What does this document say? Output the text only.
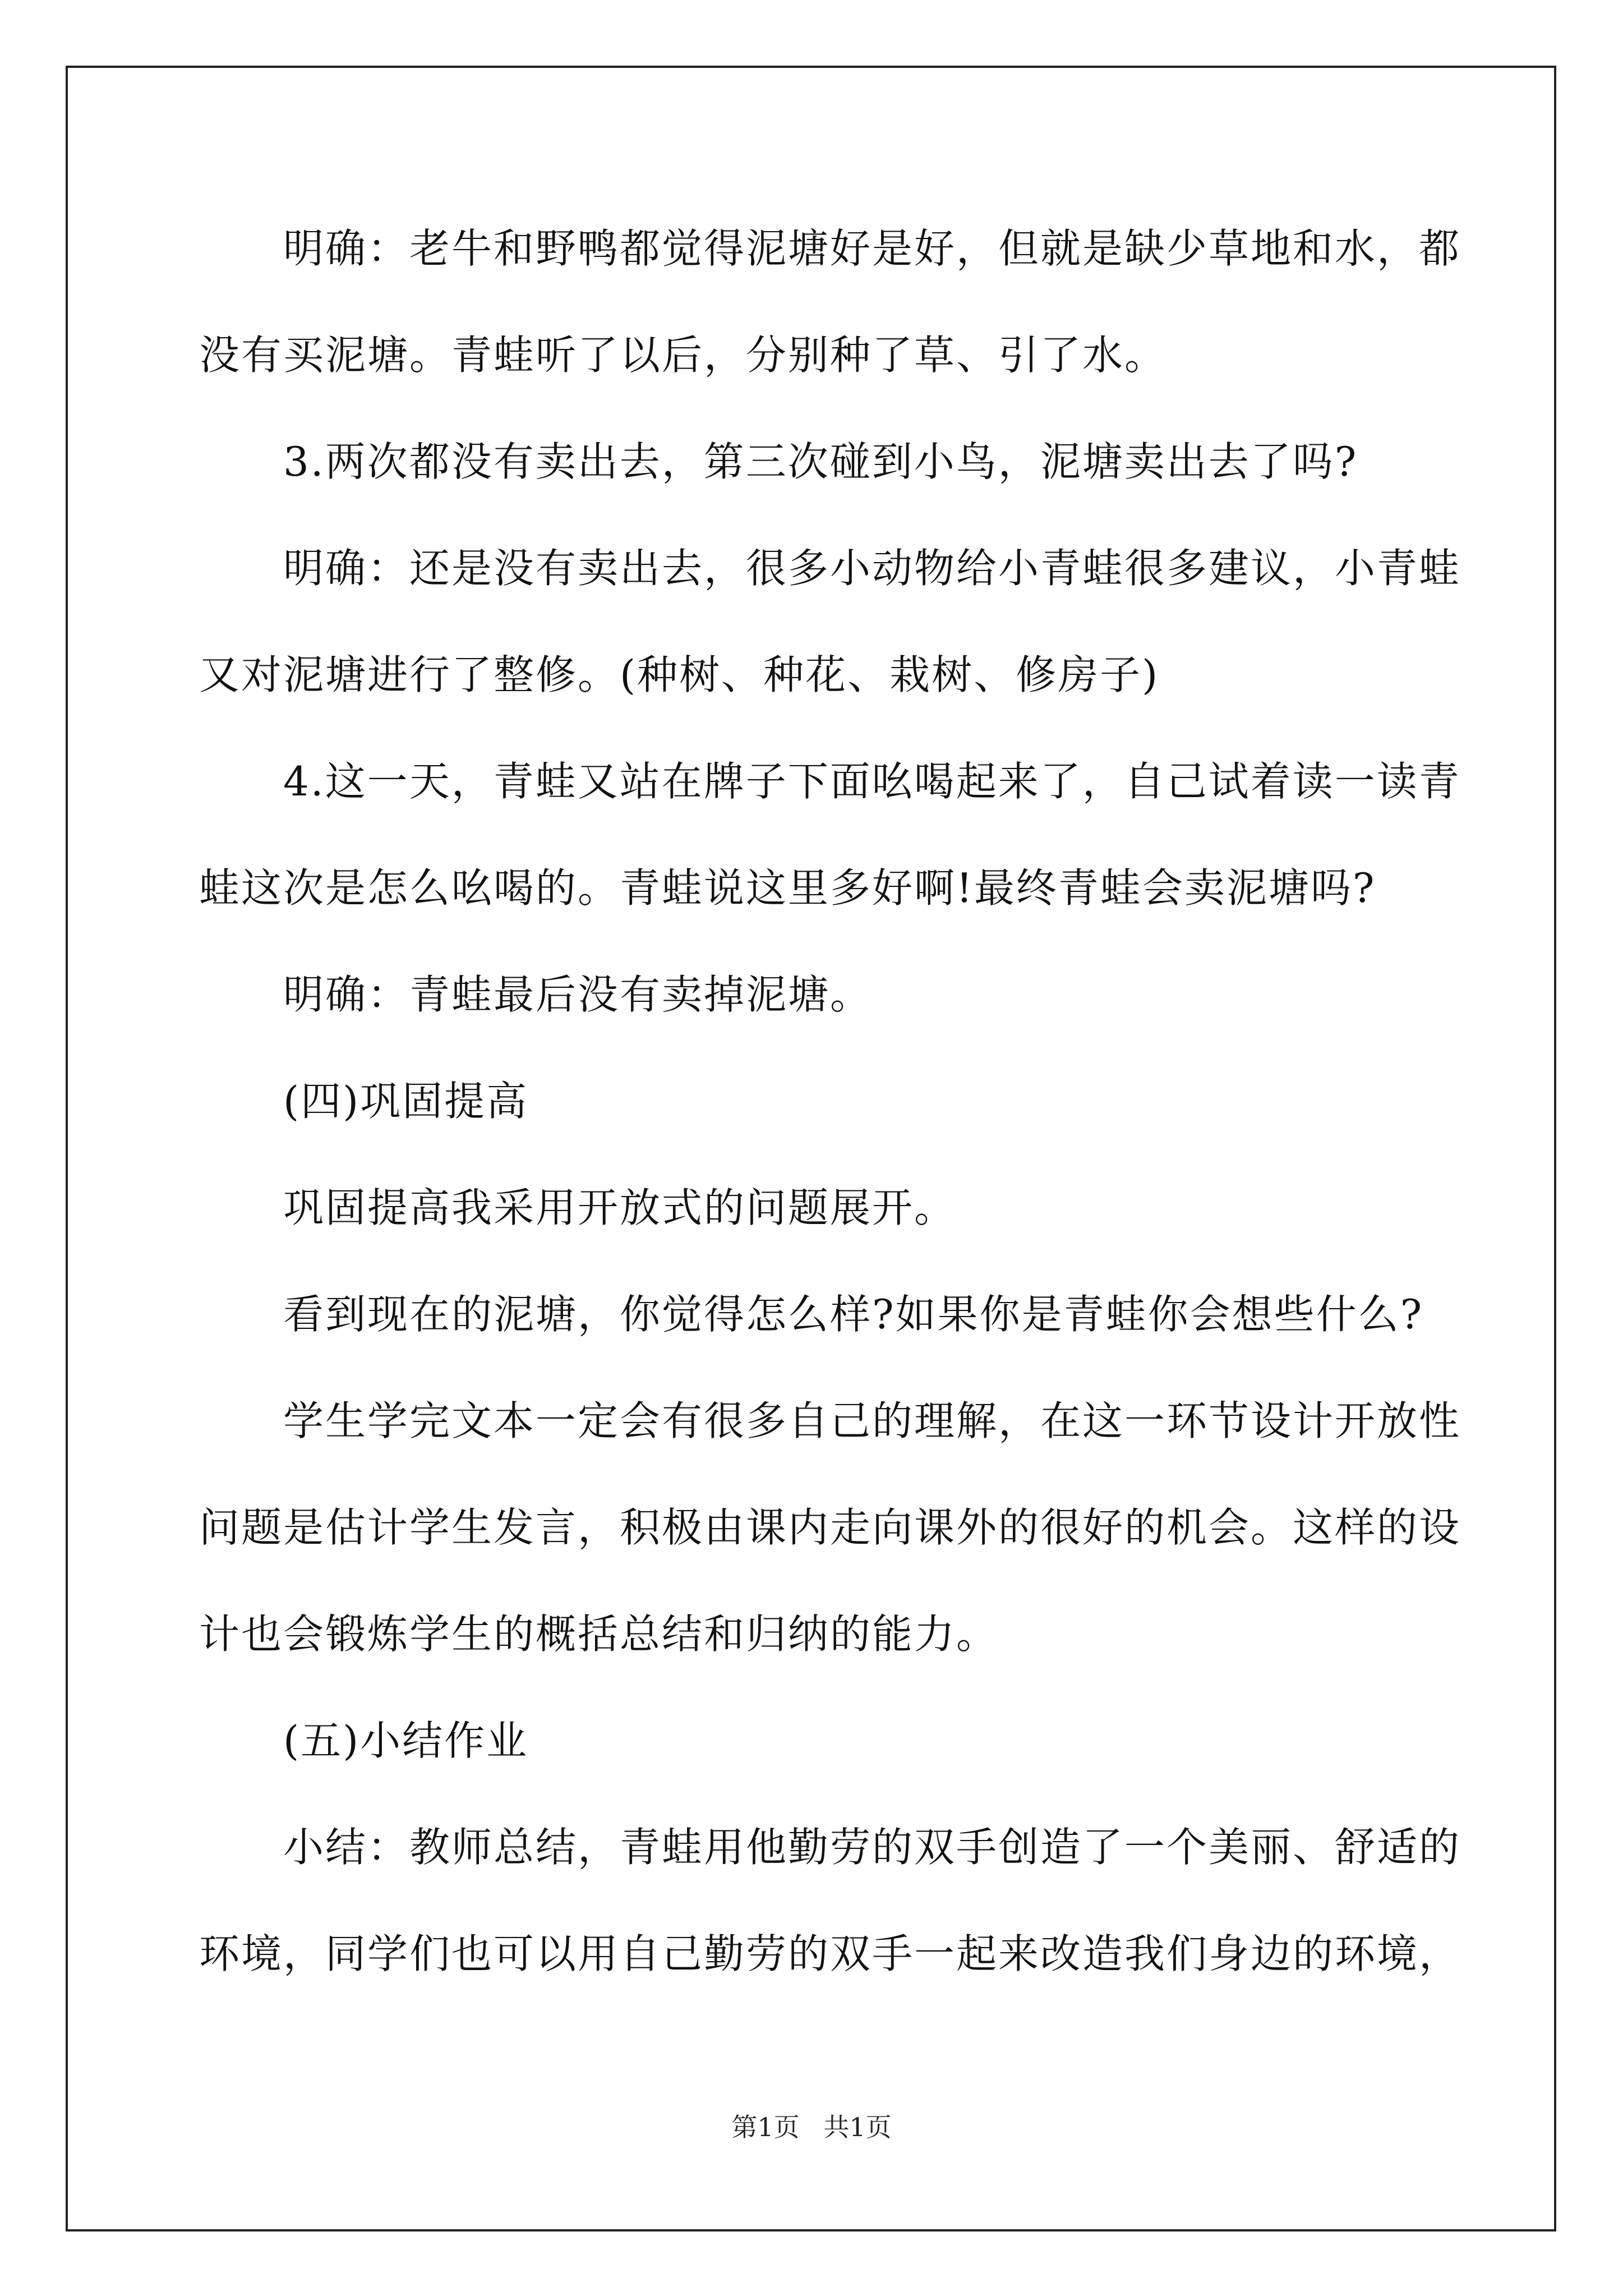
　　明确：老牛和野鸭都觉得泥塘好是好，但就是缺少草地和水，都
没有买泥塘。青蛙听了以后，分别种了草、引了水。
　　3.两次都没有卖出去，第三次碰到小鸟，泥塘卖出去了吗?
　　明确：还是没有卖出去，很多小动物给小青蛙很多建议，小青蛙
又对泥塘进行了整修。(种树、种花、栽树、修房子)
　　4.这一天，青蛙又站在牌子下面吆喝起来了，自己试着读一读青
蛙这次是怎么吆喝的。青蛙说这里多好啊!最终青蛙会卖泥塘吗?
　　明确：青蛙最后没有卖掉泥塘。
　　(四)巩固提高
　　巩固提高我采用开放式的问题展开。
　　看到现在的泥塘，你觉得怎么样?如果你是青蛙你会想些什么?
　　学生学完文本一定会有很多自己的理解，在这一环节设计开放性
问题是估计学生发言，积极由课内走向课外的很好的机会。这样的设
计也会锻炼学生的概括总结和归纳的能力。
　　(五)小结作业
　　小结：教师总结，青蛙用他勤劳的双手创造了一个美丽、舒适的
环境，同学们也可以用自己勤劳的双手一起来改造我们身边的环境，
第1页 共1页
